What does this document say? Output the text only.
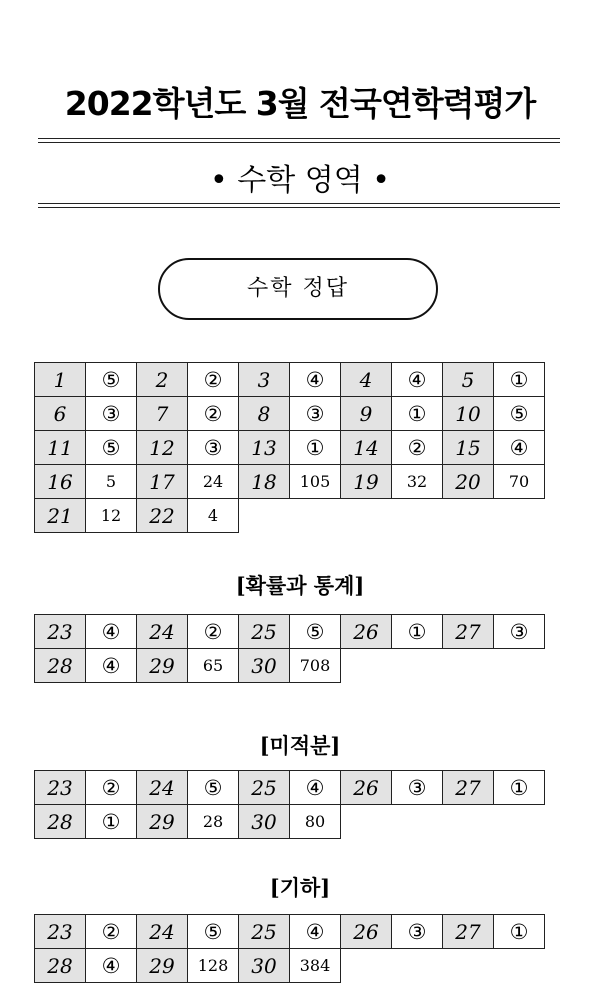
2022학년도 3월 전국연학력평가
• 수학 영역 •
수학 정답
[확률과 통계]
[미적분]
[기하]
1	⑤	2	②	3	④	4	④	5	①
6	③	7	②	8	③	9	①	10	⑤
11	⑤	12	③	13	①	14	②	15	④
16	5	17	24	18	105	19	32	20	70
21	12	22	4						
23	④	24	②	25	⑤	26	①	27	③
28	④	29	65	30	708				
23	②	24	⑤	25	④	26	③	27	①
28	①	29	28	30	80				
23	②	24	⑤	25	④	26	③	27	①
28	④	29	128	30	384				
